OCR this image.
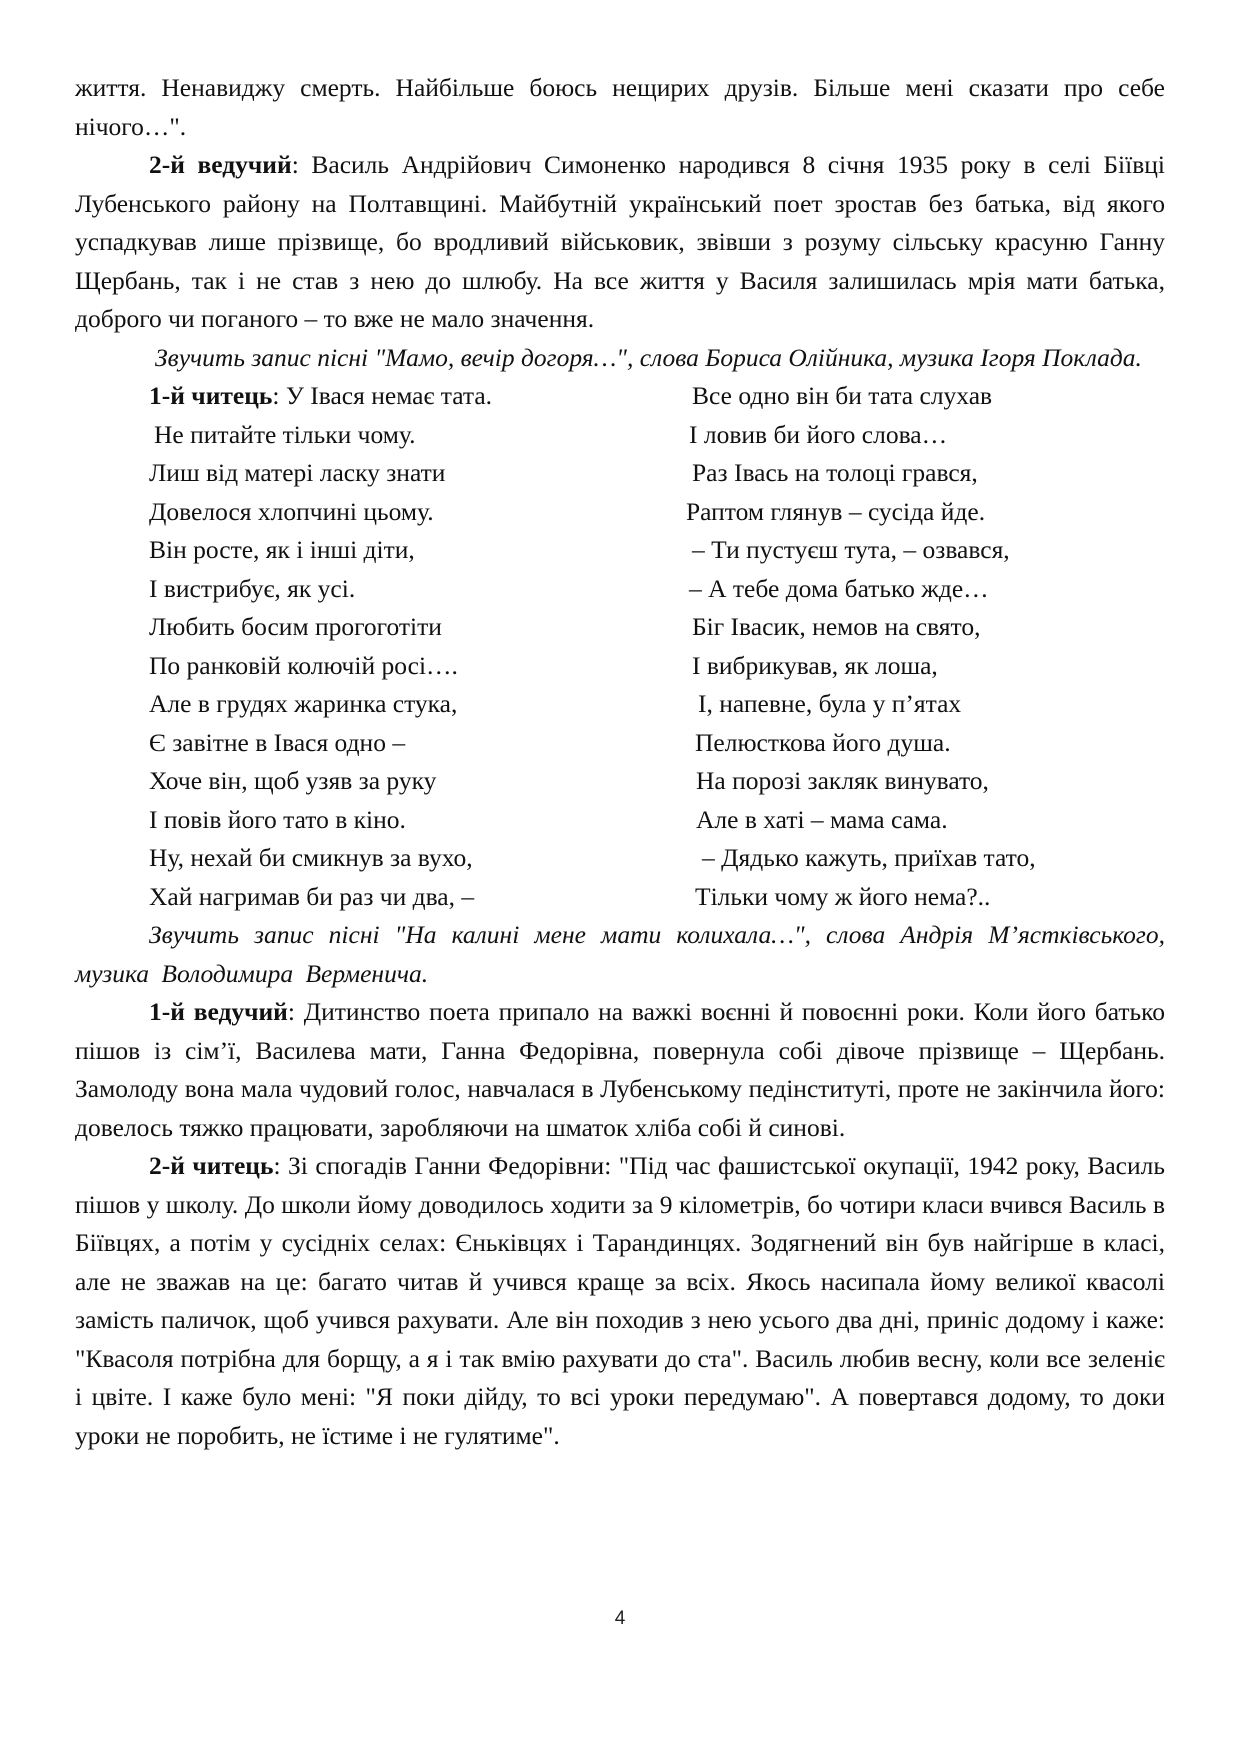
життя. Ненавиджу смерть. Найбільше боюсь нещирих друзів. Більше мені сказати про себе нічого…".

2-й ведучий: Василь Андрійович Симоненко народився 8 січня 1935 року в селі Біївці Лубенського району на Полтавщині. Майбутній український поет зростав без батька, від якого успадкував лише прізвище, бо вродливий військовик, звівши з розуму сільську красуню Ганну Щербань, так і не став з нею до шлюбу. На все життя у Василя залишилась мрія мати батька, доброго чи поганого – то вже не мало значення.

Звучить запис пісні "Мамо, вечір догоря…", слова Бориса Олійника, музика Ігоря Поклада.

1-й читець: У Івася немає тата.
Не питайте тільки чому.
Лиш від матері ласку знати
Довелося хлопчині цьому.
Він росте, як і інші діти,
І вистрибує, як усі.
Любить босим прогоготіти
По ранковій колючій росі….
Але в грудях жаринка стука,
Є завітне в Івася одно –
Хоче він, щоб узяв за руку
І повів його тато в кіно.
Ну, нехай би смикнув за вухо,
Хай нагримав би раз чи два, –
Все одно він би тата слухав
І ловив би його слова…
Раз Івась на толоці грався,
Раптом глянув – сусіда йде.
– Ти пустуєш тута, – озвався,
– А тебе дома батько жде…
Біг Івасик, немов на свято,
І вибрикував, як лоша,
І, напевне, була у п’ятах
Пелюсткова його душа.
На порозі закляк винувато,
Але в хаті – мама сама.
– Дядько кажуть, приїхав тато,
Тільки чому ж його нема?..

Звучить запис пісні "На калині мене мати колихала…", слова Андрія М’ястківського, музика Володимира Верменича.

1-й ведучий: Дитинство поета припало на важкі воєнні й повоєнні роки. Коли його батько пішов із сім’ї, Василева мати, Ганна Федорівна, повернула собі дівоче прізвище – Щербань. Замолоду вона мала чудовий голос, навчалася в Лубенському педінституті, проте не закінчила його: довелось тяжко працювати, заробляючи на шматок хліба собі й синові.

2-й читець: Зі спогадів Ганни Федорівни: "Під час фашистської окупації, 1942 року, Василь пішов у школу. До школи йому доводилось ходити за 9 кілометрів, бо чотири класи вчився Василь в Біївцях, а потім у сусідніх селах: Єньківцях і Тарандинцях. Зодягнений він був найгірше в класі, але не зважав на це: багато читав й учився краще за всіх. Якось насипала йому великої квасолі замість паличок, щоб учився рахувати. Але він походив з нею усього два дні, приніс додому і каже: "Квасоля потрібна для борщу, а я і так вмію рахувати до ста". Василь любив весну, коли все зеленіє і цвіте. І каже було мені: "Я поки дійду, то всі уроки передумаю". А повертався додому, то доки уроки не поробить, не їстиме і не гулятиме".

4
